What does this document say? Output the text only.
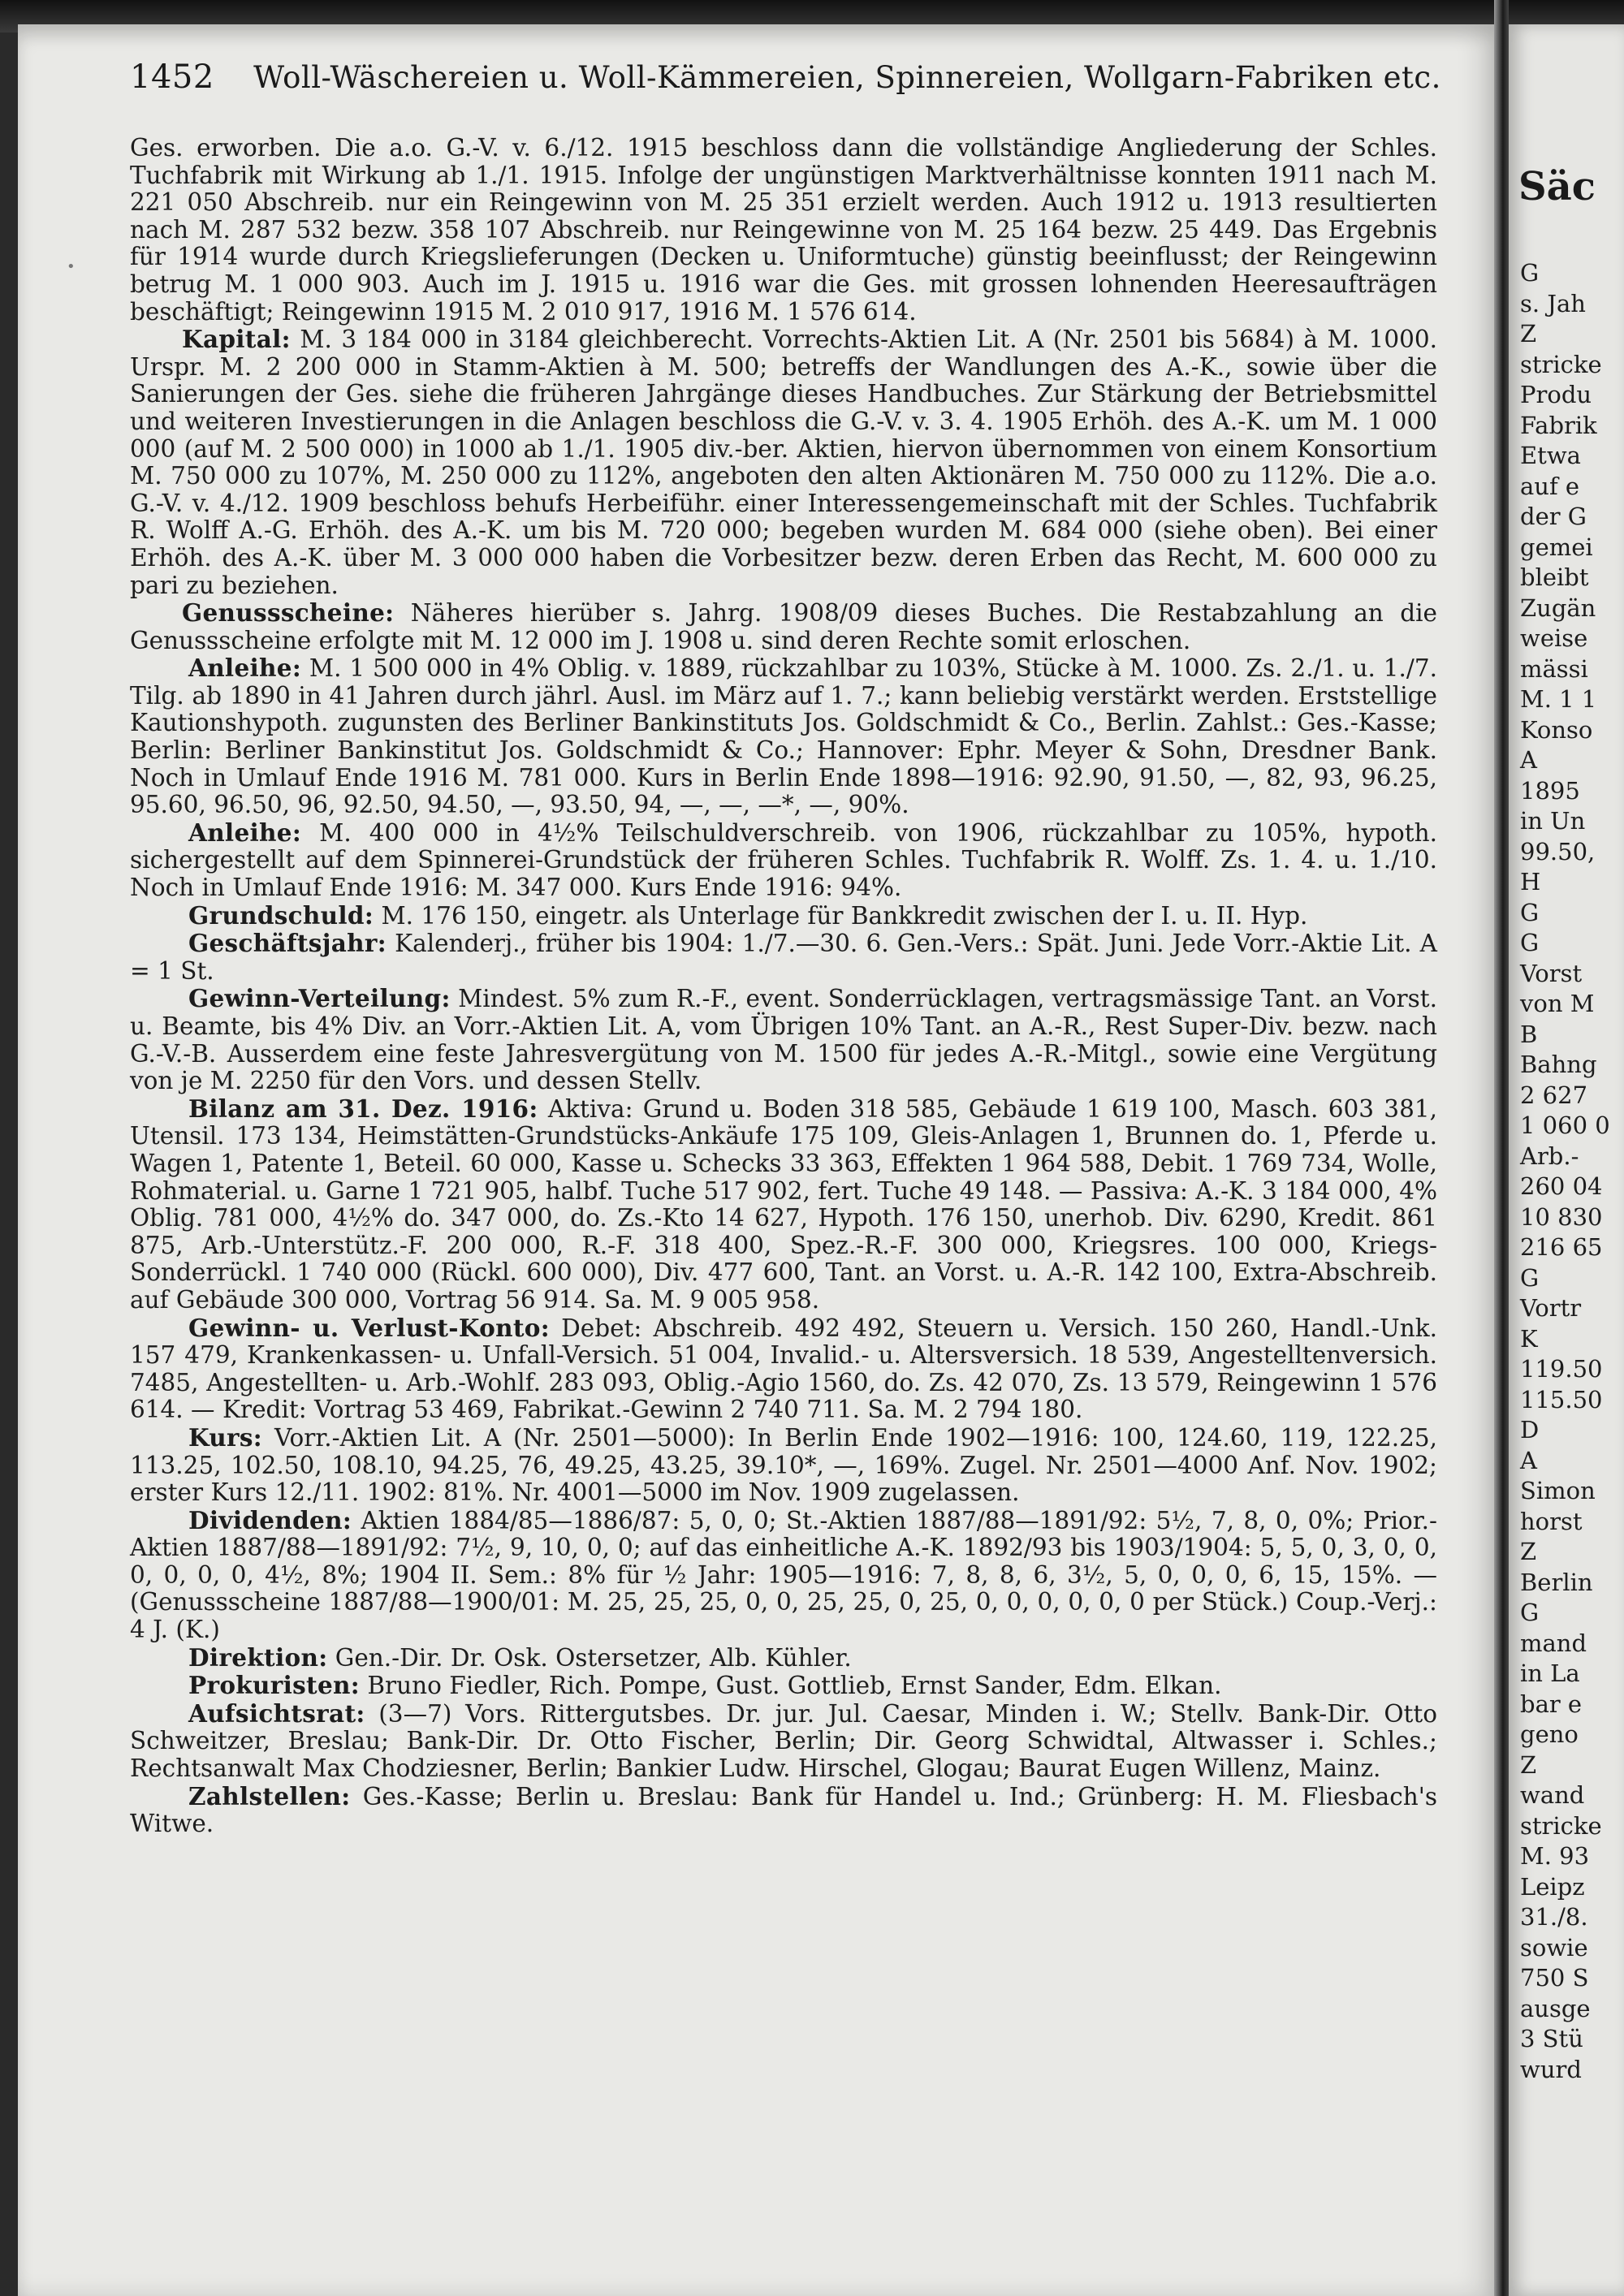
Säc
G
s. Jah
Z
stricke
Produ
Fabrik
Etwa
auf e
der G
gemei
bleibt
Zugän
weise
mässi
M. 1 1
Konso
A
1895
in Un
99.50,
H
G
G
Vorst
von M
B
Bahng
2 627
1 060 0
Arb.-
260 04
10 830
216 65
G
Vortr
K
119.50
115.50
D
A
Simon
horst
Z
Berlin
G
mand
in La
bar e
geno
Z
wand
stricke
M. 93
Leipz
31./8.
sowie
750 S
ausge
3 Stü
wurd
1452 Woll-Wäschereien u. Woll-Kämmereien, Spinnereien, Wollgarn-Fabriken etc.
•

Ges. erworben. Die a.o. G.-V. v. 6./12. 1915 beschloss dann die vollständige Angliederung der Schles. Tuchfabrik mit Wirkung ab 1./1. 1915. Infolge der ungünstigen Marktverhältnisse konnten 1911 nach M. 221 050 Abschreib. nur ein Reingewinn von M. 25 351 erzielt werden. Auch 1912 u. 1913 resultierten nach M. 287 532 bezw. 358 107 Abschreib. nur Reingewinne von M. 25 164 bezw. 25 449. Das Ergebnis für 1914 wurde durch Kriegslieferungen (Decken u. Uniformtuche) günstig beeinflusst; der Reingewinn betrug M. 1 000 903. Auch im J. 1915 u. 1916 war die Ges. mit grossen lohnenden Heeresaufträgen beschäftigt; Reingewinn 1915 M. 2 010 917, 1916 M. 1 576 614.

Kapital: M. 3 184 000 in 3184 gleichberecht. Vorrechts-Aktien Lit. A (Nr. 2501 bis 5684) à M. 1000. Urspr. M. 2 200 000 in Stamm-Aktien à M. 500; betreffs der Wandlungen des A.-K., sowie über die Sanierungen der Ges. siehe die früheren Jahrgänge dieses Handbuches. Zur Stärkung der Betriebsmittel und weiteren Investierungen in die Anlagen beschloss die G.-V. v. 3. 4. 1905 Erhöh. des A.-K. um M. 1 000 000 (auf M. 2 500 000) in 1000 ab 1./1. 1905 div.-ber. Aktien, hiervon übernommen von einem Konsortium M. 750 000 zu 107%, M. 250 000 zu 112%, angeboten den alten Aktionären M. 750 000 zu 112%. Die a.o. G.-V. v. 4./12. 1909 beschloss behufs Herbeiführ. einer Interessengemeinschaft mit der Schles. Tuchfabrik R. Wolff A.-G. Erhöh. des A.-K. um bis M. 720 000; begeben wurden M. 684 000 (siehe oben). Bei einer Erhöh. des A.-K. über M. 3 000 000 haben die Vorbesitzer bezw. deren Erben das Recht, M. 600 000 zu pari zu beziehen.

Genussscheine: Näheres hierüber s. Jahrg. 1908/09 dieses Buches. Die Restabzahlung an die Genussscheine erfolgte mit M. 12 000 im J. 1908 u. sind deren Rechte somit erloschen.

Anleihe: M. 1 500 000 in 4% Oblig. v. 1889, rückzahlbar zu 103%, Stücke à M. 1000. Zs. 2./1. u. 1./7. Tilg. ab 1890 in 41 Jahren durch jährl. Ausl. im März auf 1. 7.; kann beliebig verstärkt werden. Erststellige Kautionshypoth. zugunsten des Berliner Bankinstituts Jos. Goldschmidt & Co., Berlin. Zahlst.: Ges.-Kasse; Berlin: Berliner Bankinstitut Jos. Goldschmidt & Co.; Hannover: Ephr. Meyer & Sohn, Dresdner Bank. Noch in Umlauf Ende 1916 M. 781 000. Kurs in Berlin Ende 1898—1916: 92.90, 91.50, —, 82, 93, 96.25, 95.60, 96.50, 96, 92.50, 94.50, —, 93.50, 94, —, —, —*, —, 90%.

Anleihe: M. 400 000 in 4½% Teilschuldverschreib. von 1906, rückzahlbar zu 105%, hypoth. sichergestellt auf dem Spinnerei-Grundstück der früheren Schles. Tuchfabrik R. Wolff. Zs. 1. 4. u. 1./10. Noch in Umlauf Ende 1916: M. 347 000. Kurs Ende 1916: 94%.

Grundschuld: M. 176 150, eingetr. als Unterlage für Bankkredit zwischen der I. u. II. Hyp.

Geschäftsjahr: Kalenderj., früher bis 1904: 1./7.—30. 6. Gen.-Vers.: Spät. Juni. Jede Vorr.-Aktie Lit. A = 1 St.

Gewinn-Verteilung: Mindest. 5% zum R.-F., event. Sonderrücklagen, vertragsmässige Tant. an Vorst. u. Beamte, bis 4% Div. an Vorr.-Aktien Lit. A, vom Übrigen 10% Tant. an A.-R., Rest Super-Div. bezw. nach G.-V.-B. Ausserdem eine feste Jahresvergütung von M. 1500 für jedes A.-R.-Mitgl., sowie eine Vergütung von je M. 2250 für den Vors. und dessen Stellv.

Bilanz am 31. Dez. 1916: Aktiva: Grund u. Boden 318 585, Gebäude 1 619 100, Masch. 603 381, Utensil. 173 134, Heimstätten-Grundstücks-Ankäufe 175 109, Gleis-Anlagen 1, Brunnen do. 1, Pferde u. Wagen 1, Patente 1, Beteil. 60 000, Kasse u. Schecks 33 363, Effekten 1 964 588, Debit. 1 769 734, Wolle, Rohmaterial. u. Garne 1 721 905, halbf. Tuche 517 902, fert. Tuche 49 148. — Passiva: A.-K. 3 184 000, 4% Oblig. 781 000, 4½% do. 347 000, do. Zs.-Kto 14 627, Hypoth. 176 150, unerhob. Div. 6290, Kredit. 861 875, Arb.-Unterstütz.-F. 200 000, R.-F. 318 400, Spez.-R.-F. 300 000, Kriegsres. 100 000, Kriegs-Sonderrückl. 1 740 000 (Rückl. 600 000), Div. 477 600, Tant. an Vorst. u. A.-R. 142 100, Extra-Abschreib. auf Gebäude 300 000, Vortrag 56 914. Sa. M. 9 005 958.

Gewinn- u. Verlust-Konto: Debet: Abschreib. 492 492, Steuern u. Versich. 150 260, Handl.-Unk. 157 479, Krankenkassen- u. Unfall-Versich. 51 004, Invalid.- u. Altersversich. 18 539, Angestelltenversich. 7485, Angestellten- u. Arb.-Wohlf. 283 093, Oblig.-Agio 1560, do. Zs. 42 070, Zs. 13 579, Reingewinn 1 576 614. — Kredit: Vortrag 53 469, Fabrikat.-Gewinn 2 740 711. Sa. M. 2 794 180.

Kurs: Vorr.-Aktien Lit. A (Nr. 2501—5000): In Berlin Ende 1902—1916: 100, 124.60, 119, 122.25, 113.25, 102.50, 108.10, 94.25, 76, 49.25, 43.25, 39.10*, —, 169%. Zugel. Nr. 2501—4000 Anf. Nov. 1902; erster Kurs 12./11. 1902: 81%. Nr. 4001—5000 im Nov. 1909 zugelassen.

Dividenden: Aktien 1884/85—1886/87: 5, 0, 0; St.-Aktien 1887/88—1891/92: 5½, 7, 8, 0, 0%; Prior.-Aktien 1887/88—1891/92: 7½, 9, 10, 0, 0; auf das einheitliche A.-K. 1892/93 bis 1903/1904: 5, 5, 0, 3, 0, 0, 0, 0, 0, 0, 4½, 8%; 1904 II. Sem.: 8% für ½ Jahr: 1905—1916: 7, 8, 8, 6, 3½, 5, 0, 0, 0, 6, 15, 15%. — (Genussscheine 1887/88—1900/01: M. 25, 25, 25, 0, 0, 25, 25, 0, 25, 0, 0, 0, 0, 0, 0 per Stück.) Coup.-Verj.: 4 J. (K.)

Direktion: Gen.-Dir. Dr. Osk. Ostersetzer, Alb. Kühler.

Prokuristen: Bruno Fiedler, Rich. Pompe, Gust. Gottlieb, Ernst Sander, Edm. Elkan.

Aufsichtsrat: (3—7) Vors. Rittergutsbes. Dr. jur. Jul. Caesar, Minden i. W.; Stellv. Bank-Dir. Otto Schweitzer, Breslau; Bank-Dir. Dr. Otto Fischer, Berlin; Dir. Georg Schwidtal, Altwasser i. Schles.; Rechtsanwalt Max Chodziesner, Berlin; Bankier Ludw. Hirschel, Glogau; Baurat Eugen Willenz, Mainz.

Zahlstellen: Ges.-Kasse; Berlin u. Breslau: Bank für Handel u. Ind.; Grünberg: H. M. Fliesbach's Witwe.
